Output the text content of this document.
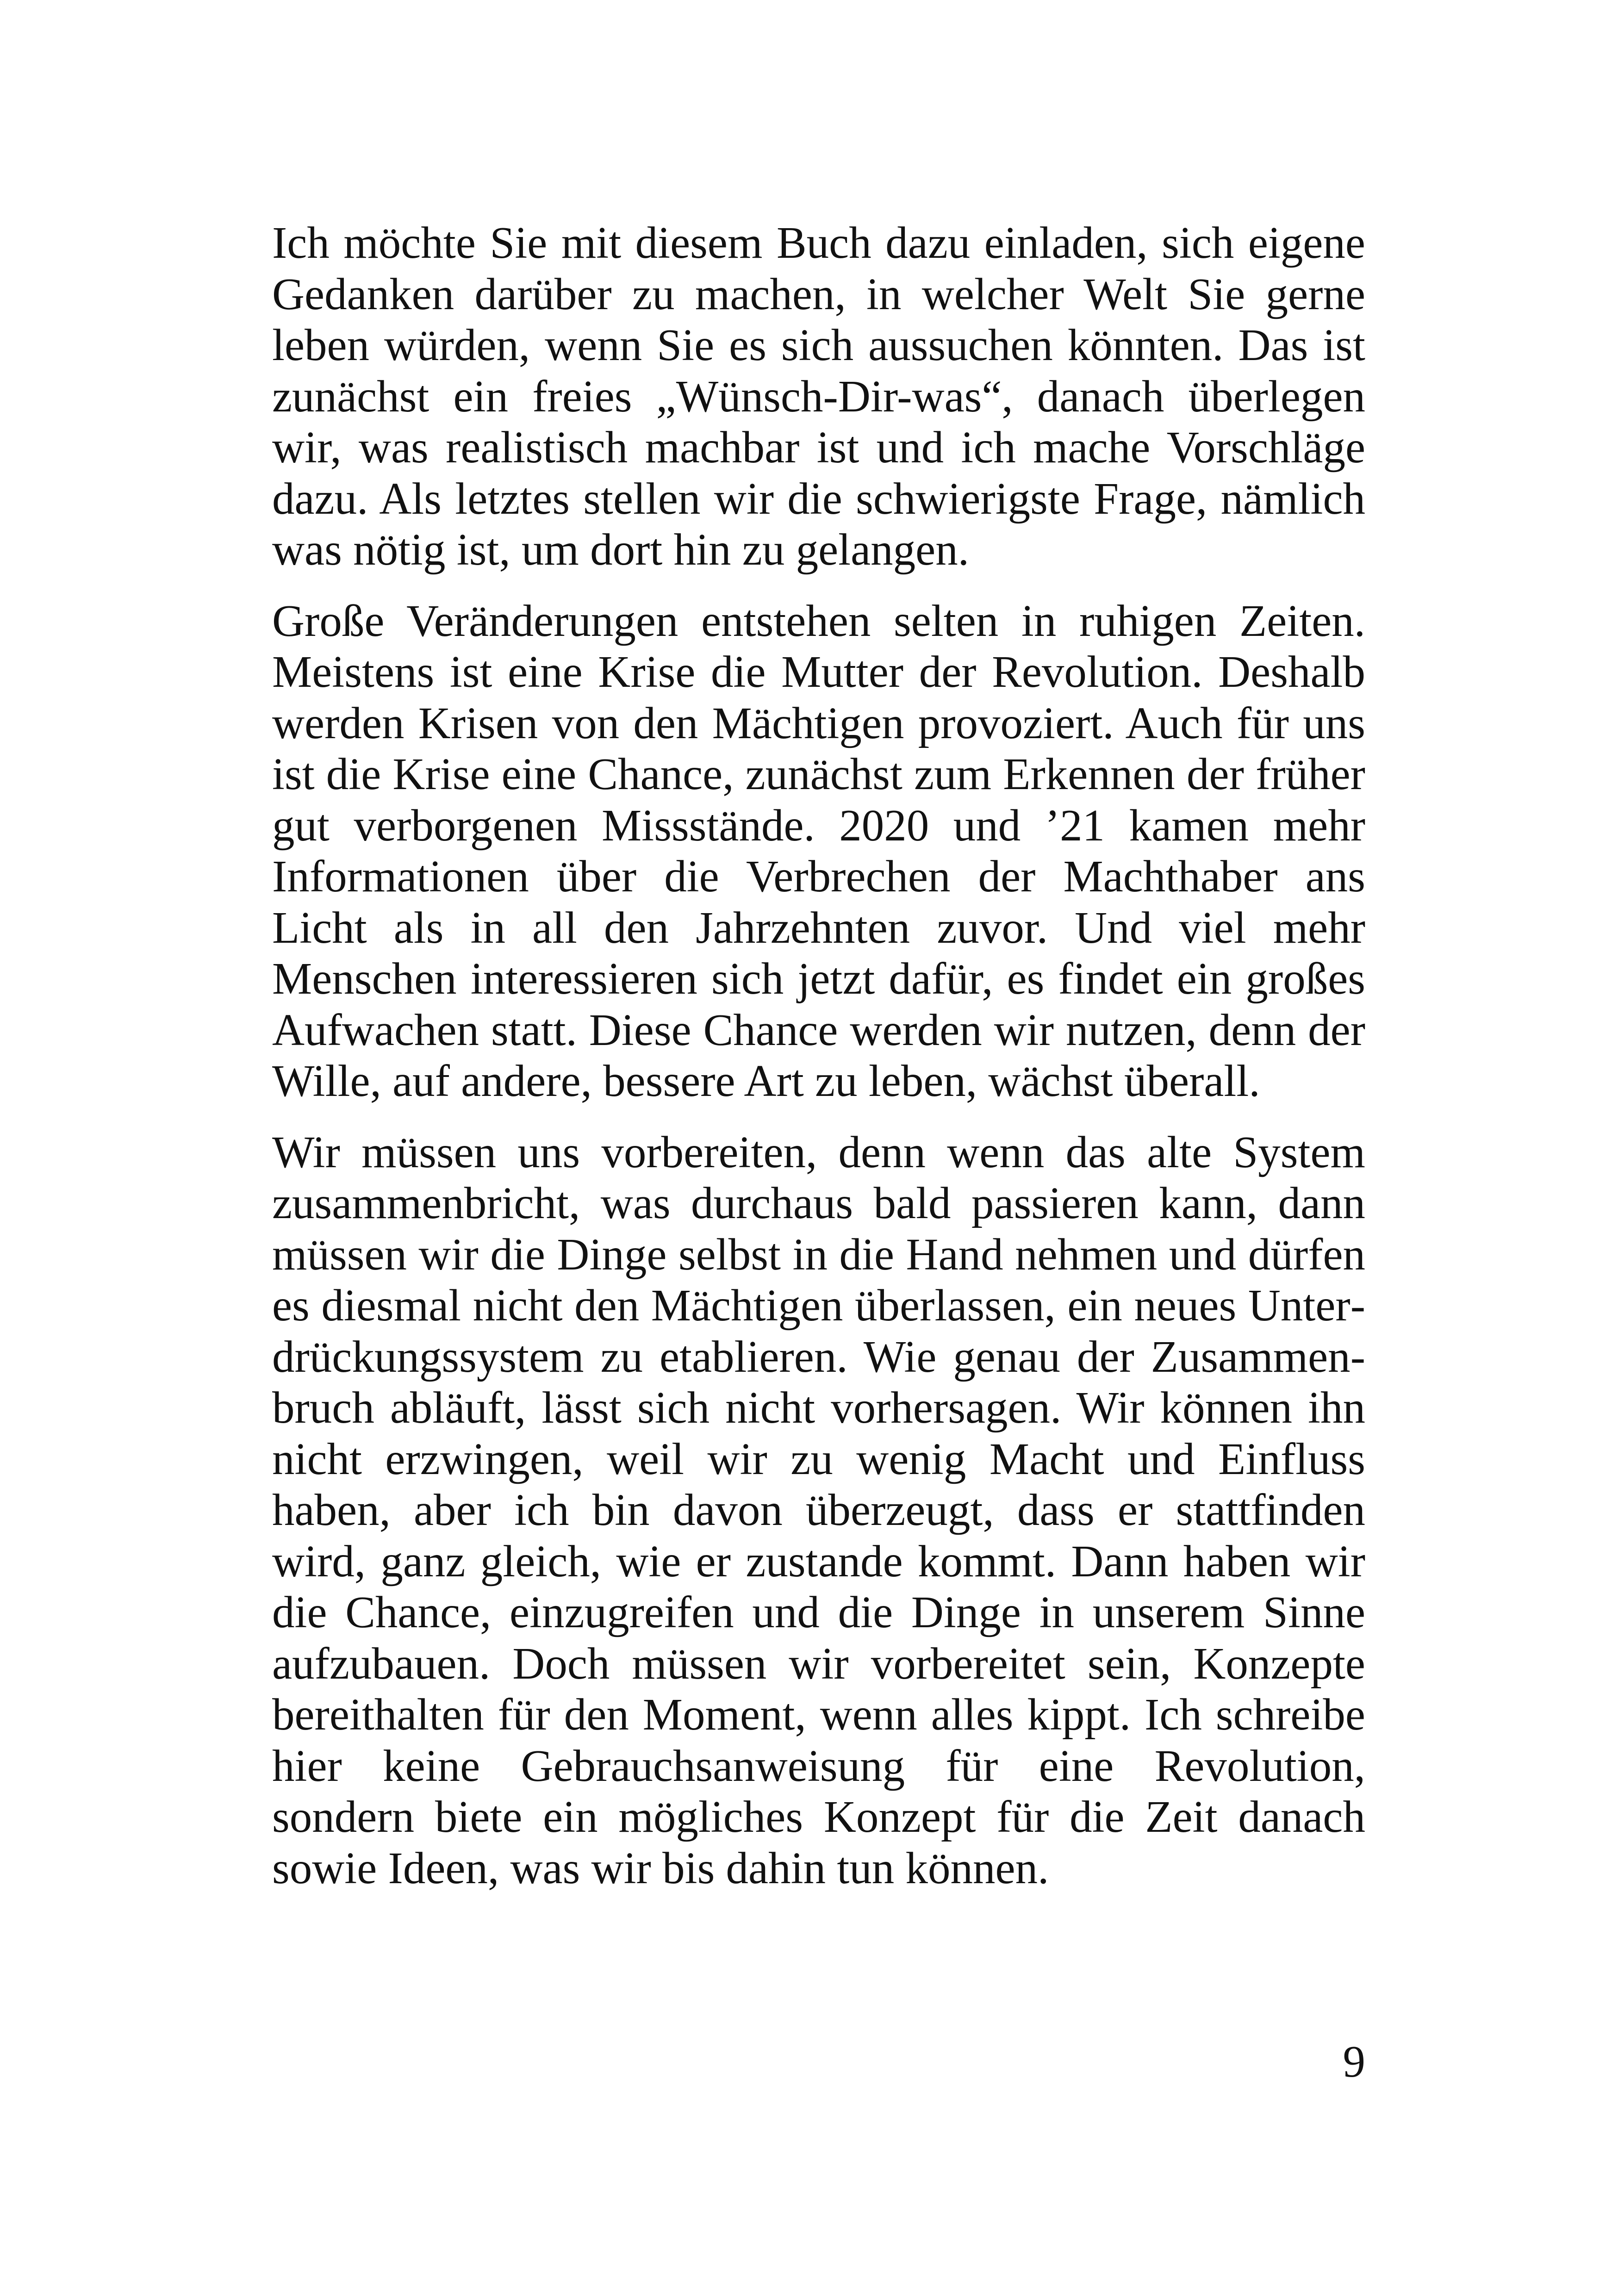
Ich möchte Sie mit diesem Buch dazu einladen, sich eigene Gedanken darüber zu machen, in welcher Welt Sie gerne leben würden, wenn Sie es sich aussuchen könnten. Das ist zunächst ein freies „Wünsch-Dir-was“, danach überlegen wir, was realistisch machbar ist und ich mache Vorschläge dazu. Als letztes stellen wir die schwierigste Frage, nämlich was nötig ist, um dort hin zu gelangen.

Große Veränderungen entstehen selten in ruhigen Zeiten. Meistens ist eine Krise die Mutter der Revolution. Deshalb werden Krisen von den Mächtigen provoziert. Auch für uns ist die Krise eine Chance, zunächst zum Erkennen der früher gut verborgenen Missstände. 2020 und ’21 kamen mehr Informationen über die Verbrechen der Machthaber ans Licht als in all den Jahrzehnten zuvor. Und viel mehr Menschen interessieren sich jetzt dafür, es findet ein großes Aufwachen statt. Diese Chance werden wir nutzen, denn der Wille, auf andere, bessere Art zu leben, wächst überall.

Wir müssen uns vorbereiten, denn wenn das alte System zusammenbricht, was durchaus bald passieren kann, dann müssen wir die Dinge selbst in die Hand nehmen und dürfen es diesmal nicht den Mächtigen überlassen, ein neues Unterdrückungssystem zu etablieren. Wie genau der Zusammenbruch abläuft, lässt sich nicht vorhersagen. Wir können ihn nicht erzwingen, weil wir zu wenig Macht und Einfluss haben, aber ich bin davon überzeugt, dass er stattfinden wird, ganz gleich, wie er zustande kommt. Dann haben wir die Chance, einzugreifen und die Dinge in unserem Sinne aufzubauen. Doch müssen wir vorbereitet sein, Konzepte bereithalten für den Moment, wenn alles kippt. Ich schreibe hier keine Gebrauchsanweisung für eine Revolution, sondern biete ein mögliches Konzept für die Zeit danach sowie Ideen, was wir bis dahin tun können.

9
